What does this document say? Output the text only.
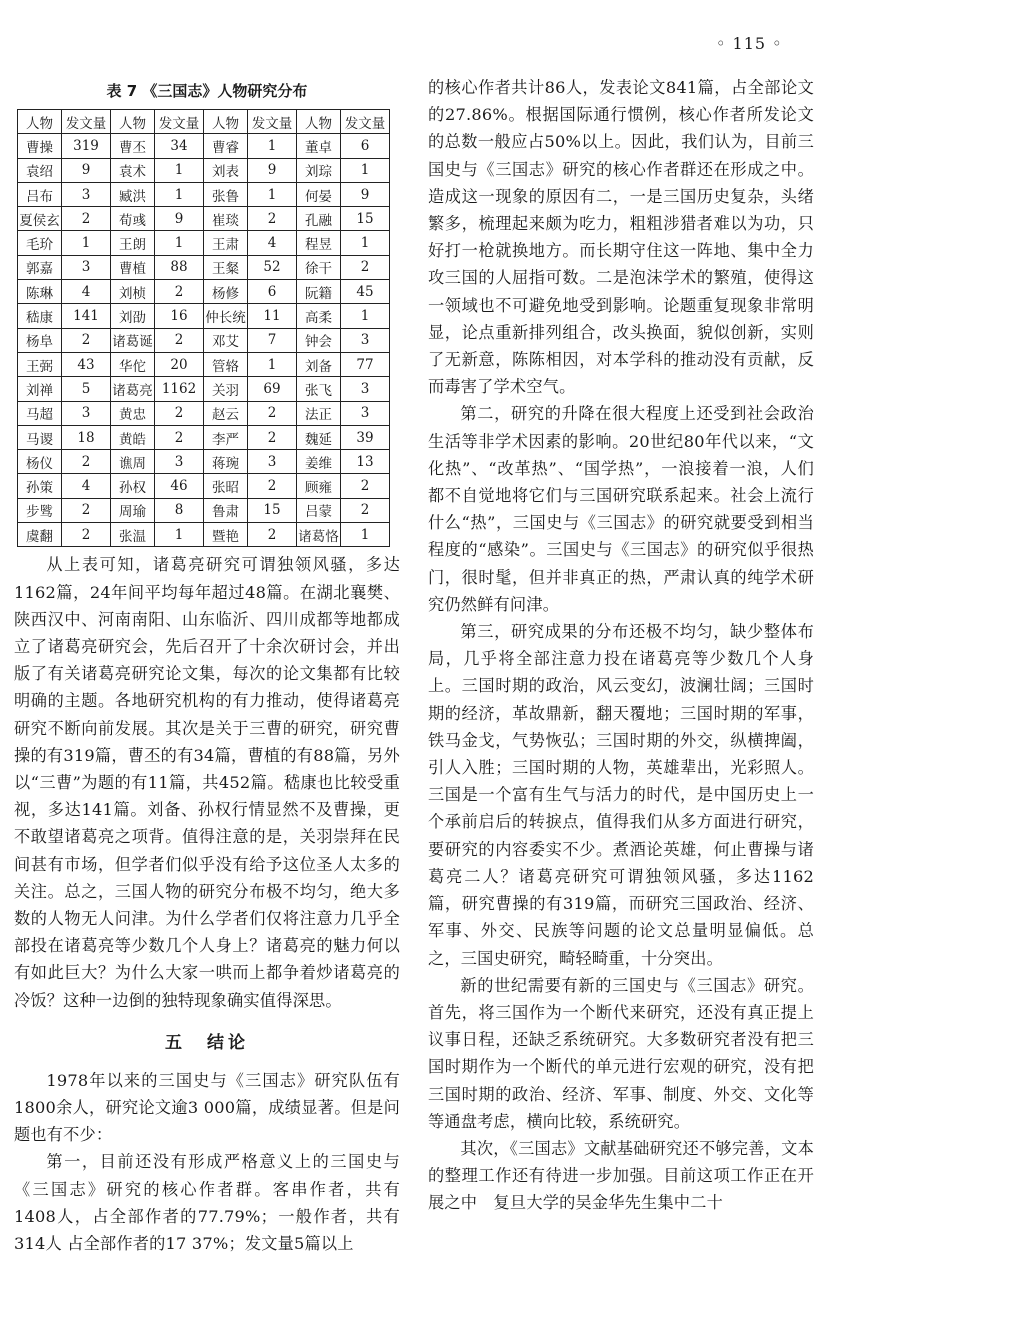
◦ 115 ◦
表 7 《三国志》人物研究分布
人物	发文量	人物	发文量	人物	发文量	人物	发文量
曹操	319	曹丕	34	曹睿	1	董卓	6
袁绍	9	袁术	1	刘表	9	刘琮	1
吕布	3	臧洪	1	张鲁	1	何晏	9
夏侯玄	2	荀彧	9	崔琰	2	孔融	15
毛玠	1	王朗	1	王肃	4	程昱	1
郭嘉	3	曹植	88	王粲	52	徐干	2
陈琳	4	刘桢	2	杨修	6	阮籍	45
嵇康	141	刘劭	16	仲长统	11	高柔	1
杨阜	2	诸葛诞	2	邓艾	7	钟会	3
王弼	43	华佗	20	管辂	1	刘备	77
刘禅	5	诸葛亮	1162	关羽	69	张飞	3
马超	3	黄忠	2	赵云	2	法正	3
马谡	18	黄皓	2	李严	2	魏延	39
杨仪	2	谯周	3	蒋琬	3	姜维	13
孙策	4	孙权	46	张昭	2	顾雍	2
步骘	2	周瑜	8	鲁肃	15	吕蒙	2
虞翻	2	张温	1	暨艳	2	诸葛恪	1

从上表可知，诸葛亮研究可谓独领风骚，多达1162篇，24年间平均每年超过48篇。在湖北襄樊、陕西汉中、河南南阳、山东临沂、四川成都等地都成立了诸葛亮研究会，先后召开了十余次研讨会，并出版了有关诸葛亮研究论文集，每次的论文集都有比较明确的主题。各地研究机构的有力推动，使得诸葛亮研究不断向前发展。其次是关于三曹的研究，研究曹操的有319篇，曹丕的有34篇，曹植的有88篇，另外以“三曹”为题的有11篇，共452篇。嵇康也比较受重视，多达141篇。刘备、孙权行情显然不及曹操，更不敢望诸葛亮之项背。值得注意的是，关羽崇拜在民间甚有市场，但学者们似乎没有给予这位圣人太多的关注。总之，三国人物的研究分布极不均匀，绝大多数的人物无人问津。为什么学者们仅将注意力几乎全部投在诸葛亮等少数几个人身上？诸葛亮的魅力何以有如此巨大？为什么大家一哄而上都争着炒诸葛亮的冷饭？这种一边倒的独特现象确实值得深思。

五　结论

1978年以来的三国史与《三国志》研究队伍有1800余人，研究论文逾3 000篇，成绩显著。但是问题也有不少：

第一，目前还没有形成严格意义上的三国史与《三国志》研究的核心作者群。客串作者，共有1408人，占全部作者的77.79%；一般作者，共有314人 占全部作者的17 37%；发文量5篇以上

的核心作者共计86人，发表论文841篇，占全部论文的27.86%。根据国际通行惯例，核心作者所发论文的总数一般应占50%以上。因此，我们认为，目前三国史与《三国志》研究的核心作者群还在形成之中。造成这一现象的原因有二，一是三国历史复杂，头绪繁多，梳理起来颇为吃力，粗粗涉猎者难以为功，只好打一枪就换地方。而长期守住这一阵地、集中全力攻三国的人屈指可数。二是泡沫学术的繁殖，使得这一领域也不可避免地受到影响。论题重复现象非常明显，论点重新排列组合，改头换面，貌似创新，实则了无新意，陈陈相因，对本学科的推动没有贡献，反而毒害了学术空气。

第二，研究的升降在很大程度上还受到社会政治生活等非学术因素的影响。20世纪80年代以来，“文化热”、“改革热”、“国学热”，一浪接着一浪，人们都不自觉地将它们与三国研究联系起来。社会上流行什么“热”，三国史与《三国志》的研究就要受到相当程度的“感染”。三国史与《三国志》的研究似乎很热门，很时髦，但并非真正的热，严肃认真的纯学术研究仍然鲜有问津。

第三，研究成果的分布还极不均匀，缺少整体布局，几乎将全部注意力投在诸葛亮等少数几个人身上。三国时期的政治，风云变幻，波澜壮阔；三国时期的经济，革故鼎新，翻天覆地；三国时期的军事，铁马金戈，气势恢弘；三国时期的外交，纵横捭阖，引人入胜；三国时期的人物，英雄辈出，光彩照人。三国是一个富有生气与活力的时代，是中国历史上一个承前启后的转捩点，值得我们从多方面进行研究，要研究的内容委实不少。煮酒论英雄，何止曹操与诸葛亮二人？诸葛亮研究可谓独领风骚，多达1162篇，研究曹操的有319篇，而研究三国政治、经济、军事、外交、民族等问题的论文总量明显偏低。总之，三国史研究，畸轻畸重，十分突出。

新的世纪需要有新的三国史与《三国志》研究。首先，将三国作为一个断代来研究，还没有真正提上议事日程，还缺乏系统研究。大多数研究者没有把三国时期作为一个断代的单元进行宏观的研究，没有把三国时期的政治、经济、军事、制度、外交、文化等等通盘考虑，横向比较，系统研究。

其次，《三国志》文献基础研究还不够完善，文本的整理工作还有待进一步加强。目前这项工作正在开展之中　复旦大学的吴金华先生集中二十
